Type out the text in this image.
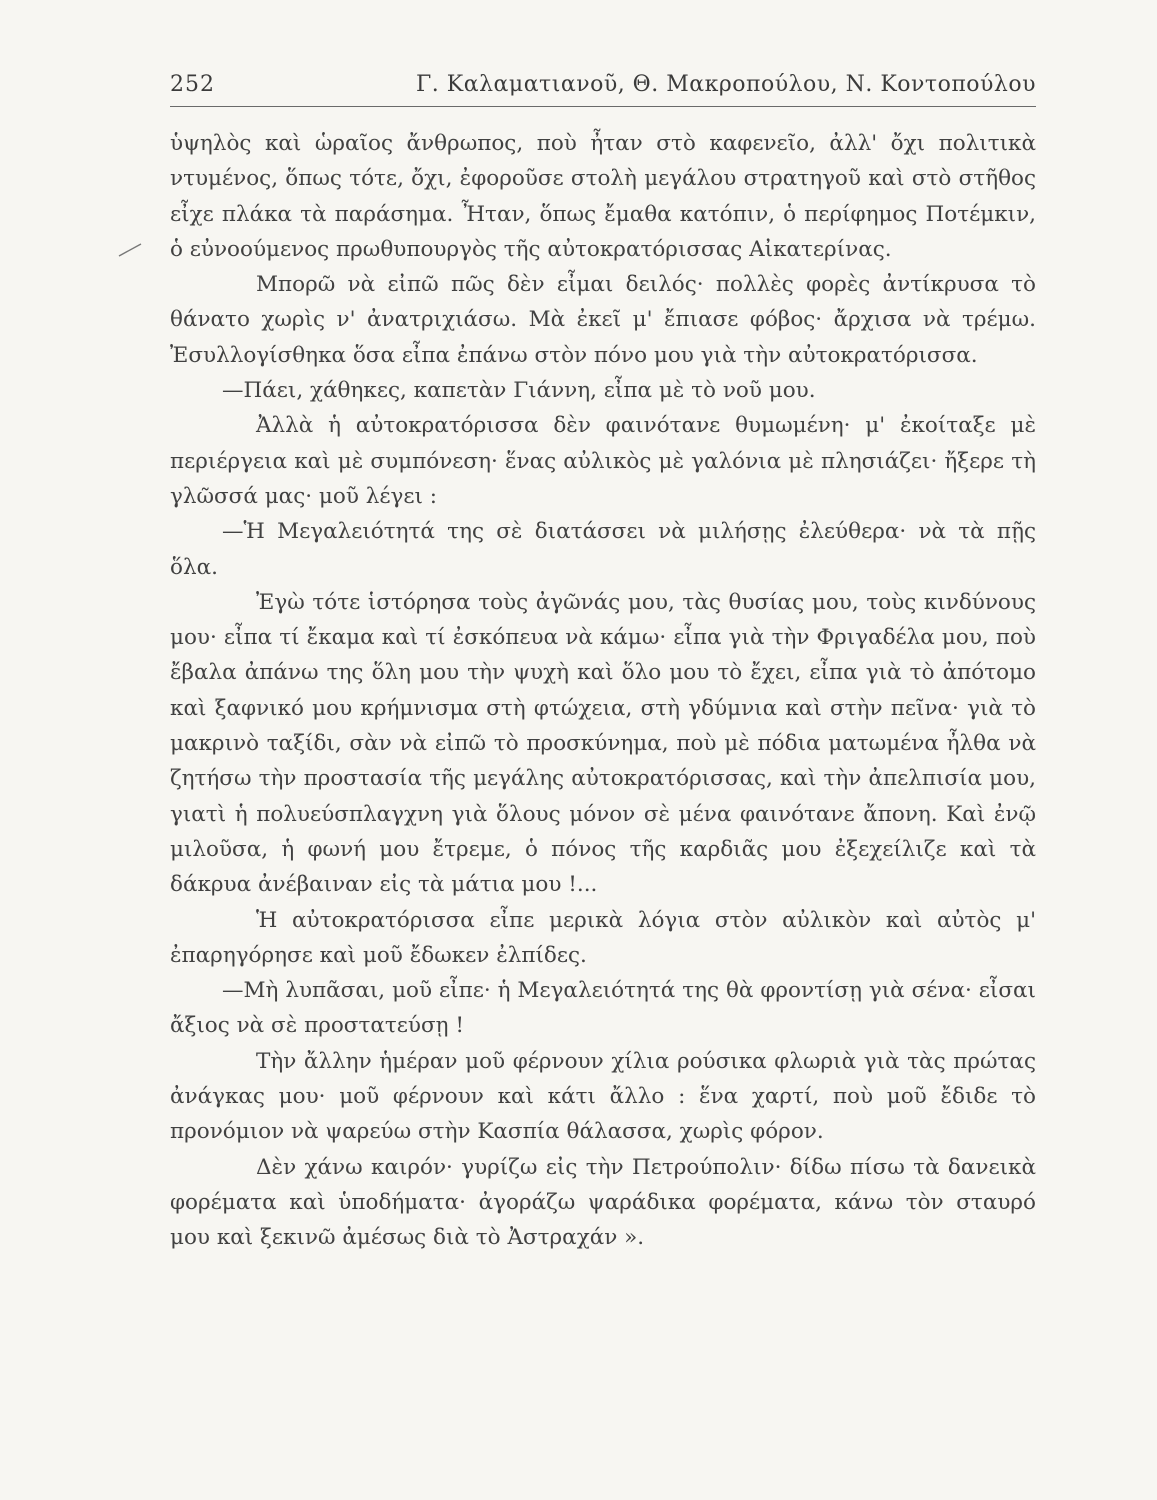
252	Γ. Καλαματιανοῦ, Θ. Μακροπούλου, Ν. Κοντοπούλου

ὑψηλὸς καὶ ὡραῖος ἄνθρωπος, ποὺ ἦταν στὸ καφενεῖο, ἀλλ' ὄχι πολιτικὰ ντυμένος, ὅπως τότε, ὄχι, ἐφοροῦσε στολὴ μεγάλου στρατηγοῦ καὶ στὸ στῆθος εἶχε πλάκα τὰ παράσημα. Ἦταν, ὅπως ἔμαθα κατόπιν, ὁ περίφημος Ποτέμκιν, ὁ εὐνοούμενος πρωθυπουργὸς τῆς αὐτοκρατόρισσας Αἰκατερίνας.

Μπορῶ νὰ εἰπῶ πῶς δὲν εἶμαι δειλός· πολλὲς φορὲς ἀντίκρυσα τὸ θάνατο χωρὶς ν' ἀνατριχιάσω. Μὰ ἐκεῖ μ' ἔπιασε φόβος· ἄρχισα νὰ τρέμω. Ἐσυλλογίσθηκα ὅσα εἶπα ἐπάνω στὸν πόνο μου γιὰ τὴν αὐτοκρατόρισσα.

—Πάει, χάθηκες, καπετὰν Γιάννη, εἶπα μὲ τὸ νοῦ μου.

Ἀλλὰ ἡ αὐτοκρατόρισσα δὲν φαινότανε θυμωμένη· μ' ἐκοίταξε μὲ περιέργεια καὶ μὲ συμπόνεση· ἕνας αὐλικὸς μὲ γαλόνια μὲ πλησιάζει· ἤξερε τὴ γλῶσσά μας· μοῦ λέγει :

—Ἡ Μεγαλειότητά της σὲ διατάσσει νὰ μιλήσῃς ἐλεύθερα· νὰ τὰ πῇς ὅλα.

Ἐγὼ τότε ἱστόρησα τοὺς ἀγῶνάς μου, τὰς θυσίας μου, τοὺς κινδύνους μου· εἶπα τί ἔκαμα καὶ τί ἐσκόπευα νὰ κάμω· εἶπα γιὰ τὴν Φριγαδέλα μου, ποὺ ἔβαλα ἀπάνω της ὅλη μου τὴν ψυχὴ καὶ ὅλο μου τὸ ἔχει, εἶπα γιὰ τὸ ἀπότομο καὶ ξαφνικό μου κρήμνισμα στὴ φτώχεια, στὴ γδύμνια καὶ στὴν πεῖνα· γιὰ τὸ μακρινὸ ταξίδι, σὰν νὰ εἰπῶ τὸ προσκύνημα, ποὺ μὲ πόδια ματωμένα ἦλθα νὰ ζητήσω τὴν προστασία τῆς μεγάλης αὐτοκρατόρισσας, καὶ τὴν ἀπελπισία μου, γιατὶ ἡ πολυεύσπλαγχνη γιὰ ὅλους μόνον σὲ μένα φαινότανε ἄπονη. Καὶ ἐνῷ μιλοῦσα, ἡ φωνή μου ἔτρεμε, ὁ πόνος τῆς καρδιᾶς μου ἐξεχείλιζε καὶ τὰ δάκρυα ἀνέβαιναν εἰς τὰ μάτια μου !...

Ἡ αὐτοκρατόρισσα εἶπε μερικὰ λόγια στὸν αὐλικὸν καὶ αὐτὸς μ' ἐπαρηγόρησε καὶ μοῦ ἔδωκεν ἐλπίδες.

—Μὴ λυπᾶσαι, μοῦ εἶπε· ἡ Μεγαλειότητά της θὰ φροντίσῃ γιὰ σένα· εἶσαι ἄξιος νὰ σὲ προστατεύσῃ !

Τὴν ἄλλην ἡμέραν μοῦ φέρνουν χίλια ρούσικα φλωριὰ γιὰ τὰς πρώτας ἀνάγκας μου· μοῦ φέρνουν καὶ κάτι ἄλλο : ἕνα χαρτί, ποὺ μοῦ ἔδιδε τὸ προνόμιον νὰ ψαρεύω στὴν Κασπία θάλασσα, χωρὶς φόρον.

Δὲν χάνω καιρόν· γυρίζω εἰς τὴν Πετρούπολιν· δίδω πίσω τὰ δανεικὰ φορέματα καὶ ὑποδήματα· ἀγοράζω ψαράδικα φορέματα, κάνω τὸν σταυρό μου καὶ ξεκινῶ ἀμέσως διὰ τὸ Ἀστραχάν ».
